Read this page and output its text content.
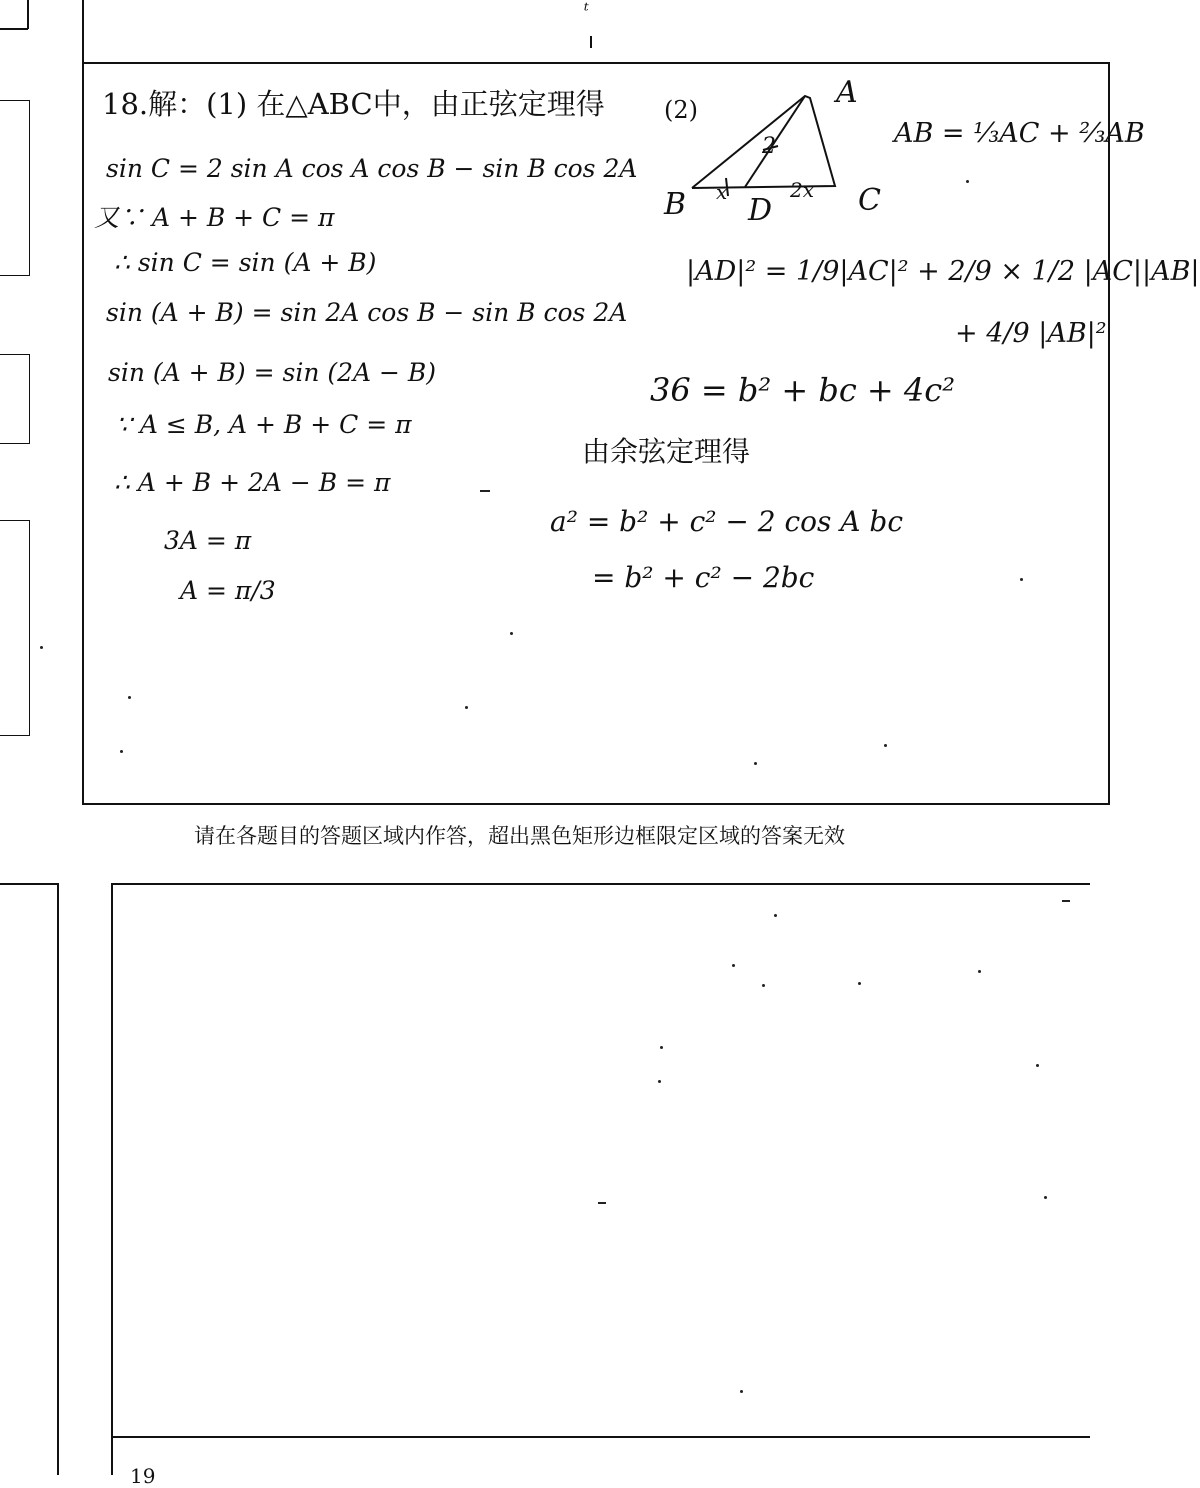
ᵗ
18.解：(1) 在△ABC中，由正弦定理得
sin C = 2 sin A cos A cos B − sin B cos 2A
又∵ A + B + C = π
∴ sin C = sin (A + B)
sin (A + B) = sin 2A cos B − sin B cos 2A
sin (A + B) = sin (2A − B)
∵ A ≤ B, A + B + C = π
∴ A + B + 2A − B = π
3A = π
A = π/3
(2)	A
B	C
D
x	2x
2	AB = ⅓AC + ⅔AB
|AD|² = 1/9|AC|² + 2/9 × 1/2 |AC||AB|
+ 4/9 |AB|²
36 = b² + bc + 4c²
由余弦定理得
a² = b² + c² − 2 cos A bc
= b² + c² − 2bc
请在各题目的答题区域内作答，超出黑色矩形边框限定区域的答案无效
19
